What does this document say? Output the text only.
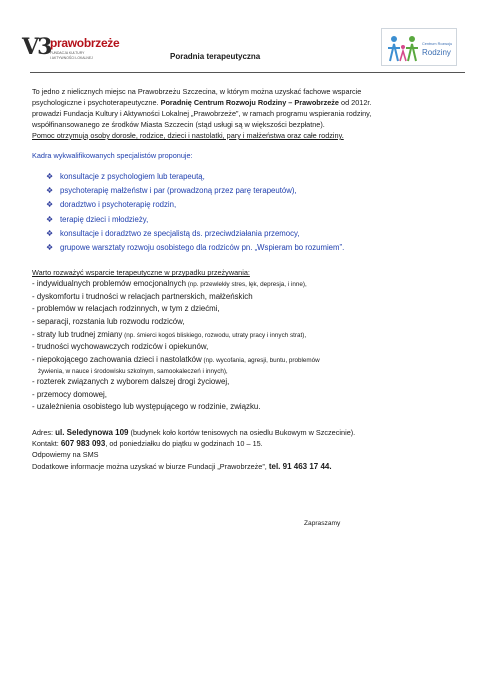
V3 prawobrzeże
FUNDACJA KULTURY
I AKTYWNOŚCI LOKALNEJ	Poradnia terapeutyczna
Centrum Rozwoju
Rodziny

To jedno z nielicznych miejsc na Prawobrzeżu Szczecina, w którym można uzyskać fachowe wsparcie

psychologiczne i psychoterapeutyczne. Poradnię Centrum Rozwoju Rodziny – Prawobrzeże od 2012r.

prowadzi Fundacja Kultury i Aktywności Lokalnej „Prawobrzeże”, w ramach programu wspierania rodziny,

współfinansowanego ze środków Miasta Szczecin (stąd usługi są w większości bezpłatne).

Pomoc otrzymują osoby dorosłe, rodzice, dzieci i nastolatki, pary i małżeństwa oraz całe rodziny.

Kadra wykwalifikowanych specjalistów proponuje:
❖ konsultacje z psychologiem lub terapeutą,
❖ psychoterapię małżeństw i par (prowadzoną przez parę terapeutów),
❖ doradztwo i psychoterapię rodzin,
❖ terapię dzieci i młodzieży,
❖ konsultacje i doradztwo ze specjalistą ds. przeciwdziałania przemocy,
❖ grupowe warsztaty rozwoju osobistego dla rodziców pn. „Wspieram bo rozumiem”.
Warto rozważyć wsparcie terapeutyczne w przypadku przeżywania:
- indywidualnych problemów emocjonalnych (np. przewlekły stres, lęk, depresja, i inne),
- dyskomfortu i trudności w relacjach partnerskich, małżeńskich
- problemów w relacjach rodzinnych, w tym z dziećmi,
- separacji, rozstania lub rozwodu rodziców,
- straty lub trudnej zmiany (np. śmierci kogoś bliskiego, rozwodu, utraty pracy i innych strat),
- trudności wychowawczych rodziców i opiekunów,
- niepokojącego zachowania dzieci i nastolatków (np. wycofania, agresji, buntu, problemów
żywienia, w nauce i środowisku szkolnym, samookaleczeń i innych),
- rozterek związanych z wyborem dalszej drogi życiowej,
- przemocy domowej,
- uzależnienia osobistego lub występującego w rodzinie, związku.
Adres: ul. Seledynowa 109 (budynek koło kortów tenisowych na osiedlu Bukowym w Szczecinie).
Kontakt: 607 983 093, od poniedziałku do piątku w godzinach 10 – 15.
Odpowiemy na SMS
Dodatkowe informacje można uzyskać w biurze Fundacji „Prawobrzeże”, tel. 91 463 17 44.
Zapraszamy
